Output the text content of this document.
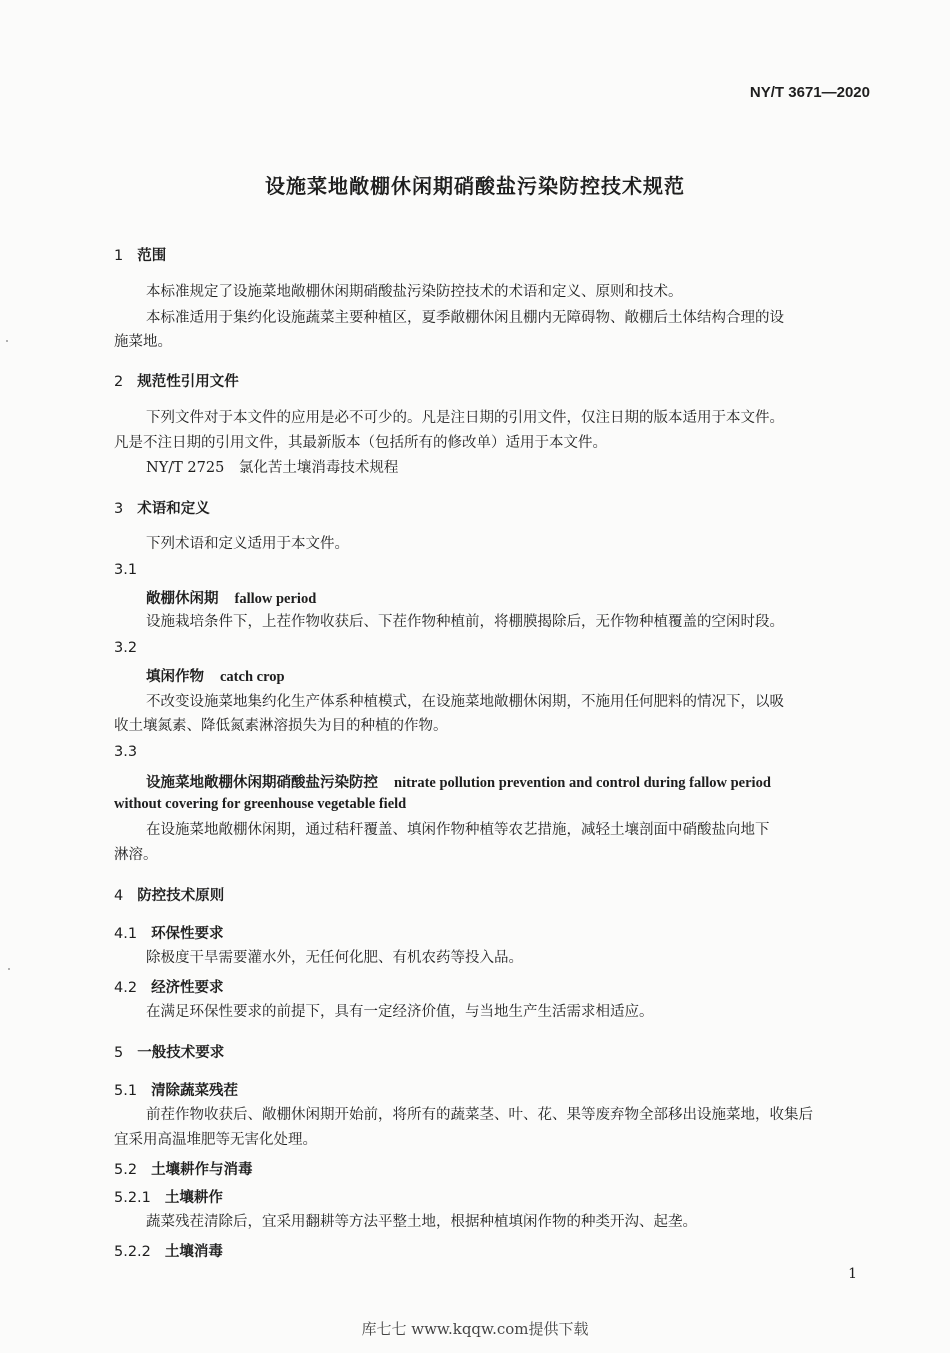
NY/T 3671—2020
设施菜地敞棚休闲期硝酸盐污染防控技术规范
1 范围
本标准规定了设施菜地敞棚休闲期硝酸盐污染防控技术的术语和定义、原则和技术。
本标准适用于集约化设施蔬菜主要种植区，夏季敞棚休闲且棚内无障碍物、敞棚后土体结构合理的设
施菜地。
2 规范性引用文件
下列文件对于本文件的应用是必不可少的。凡是注日期的引用文件，仅注日期的版本适用于本文件。
凡是不注日期的引用文件，其最新版本（包括所有的修改单）适用于本文件。
NY/T 2725　氯化苦土壤消毒技术规程
3 术语和定义
下列术语和定义适用于本文件。
3.1
敞棚休闲期 fallow period
设施栽培条件下，上茬作物收获后、下茬作物种植前，将棚膜揭除后，无作物种植覆盖的空闲时段。
3.2
填闲作物 catch crop
不改变设施菜地集约化生产体系种植模式，在设施菜地敞棚休闲期，不施用任何肥料的情况下，以吸
收土壤氮素、降低氮素淋溶损失为目的种植的作物。
3.3
设施菜地敞棚休闲期硝酸盐污染防控 nitrate pollution prevention and control during fallow period
without covering for greenhouse vegetable field
在设施菜地敞棚休闲期，通过秸秆覆盖、填闲作物种植等农艺措施，减轻土壤剖面中硝酸盐向地下
淋溶。
4 防控技术原则
4.1 环保性要求
除极度干旱需要灌水外，无任何化肥、有机农药等投入品。
4.2 经济性要求
在满足环保性要求的前提下，具有一定经济价值，与当地生产生活需求相适应。
5 一般技术要求
5.1 清除蔬菜残茬
前茬作物收获后、敞棚休闲期开始前，将所有的蔬菜茎、叶、花、果等废弃物全部移出设施菜地，收集后
宜采用高温堆肥等无害化处理。
5.2 土壤耕作与消毒
5.2.1 土壤耕作
蔬菜残茬清除后，宜采用翻耕等方法平整土地，根据种植填闲作物的种类开沟、起垄。
5.2.2 土壤消毒
1
库七七 www.kqqw.com提供下载
